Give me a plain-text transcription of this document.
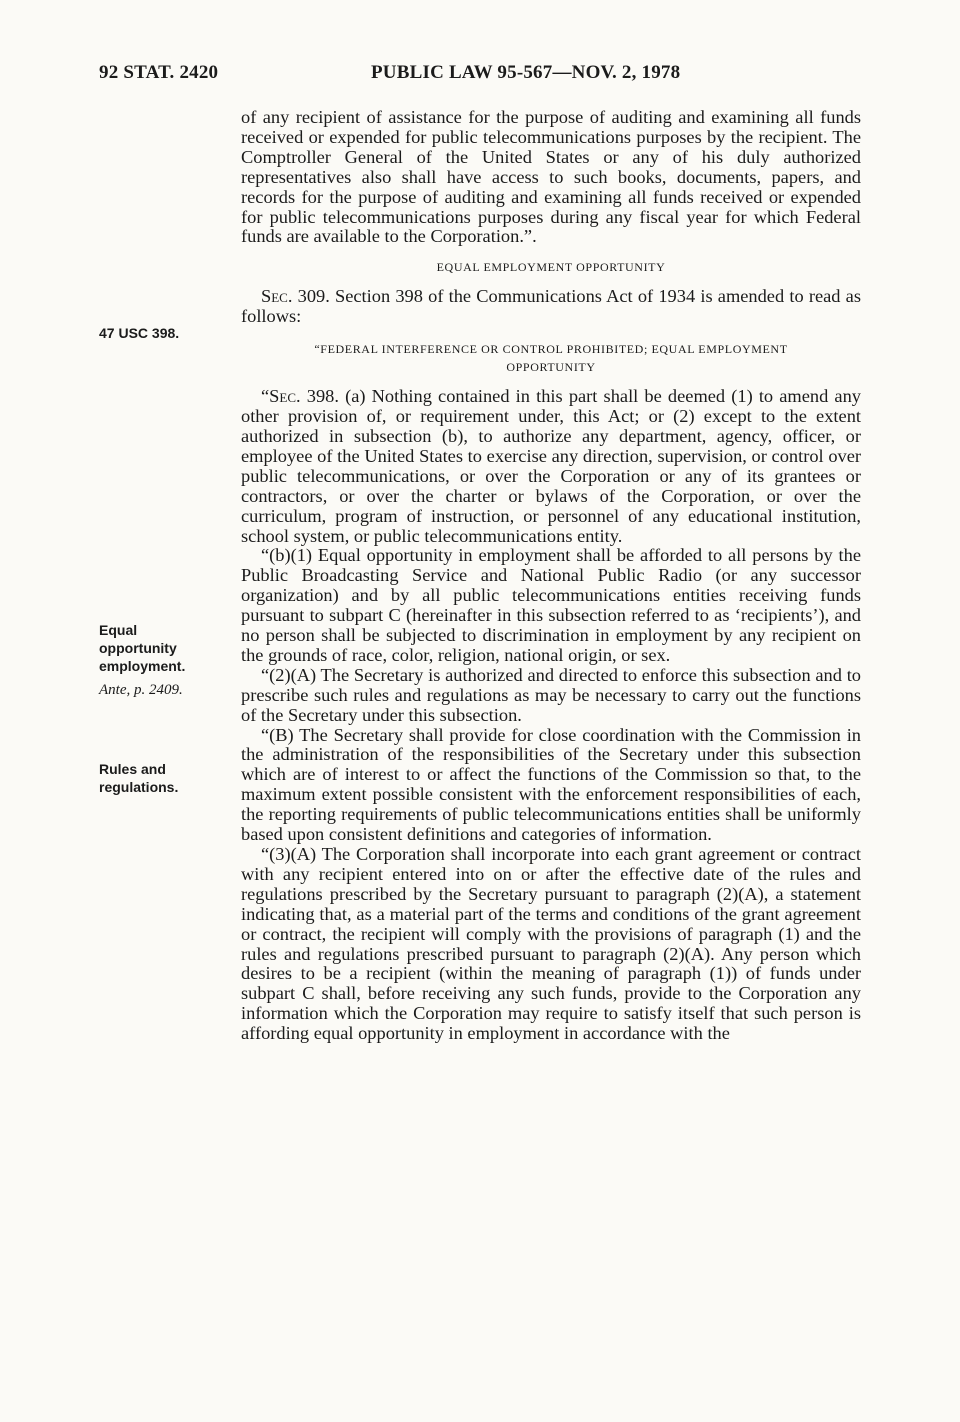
92 STAT. 2420	PUBLIC LAW 95-567—NOV. 2, 1978
47 USC 398.
Equal
opportunity
employment.
Ante, p. 2409.
Rules and
regulations.

of any recipient of assistance for the purpose of auditing and examining all funds received or expended for public telecommunications purposes by the recipient. The Comptroller General of the United States or any of his duly authorized representatives also shall have access to such books, documents, papers, and records for the purpose of auditing and examining all funds received or expended for public telecommunications purposes during any fiscal year for which Federal funds are available to the Corporation.”.

EQUAL EMPLOYMENT OPPORTUNITY

Sec. 309. Section 398 of the Communications Act of 1934 is amended to read as follows:

“FEDERAL INTERFERENCE OR CONTROL PROHIBITED; EQUAL EMPLOYMENT
OPPORTUNITY

“Sec. 398. (a) Nothing contained in this part shall be deemed (1) to amend any other provision of, or requirement under, this Act; or (2) except to the extent authorized in subsection (b), to authorize any department, agency, officer, or employee of the United States to exercise any direction, supervision, or control over public telecommunications, or over the Corporation or any of its grantees or contractors, or over the charter or bylaws of the Corporation, or over the curriculum, program of instruction, or personnel of any educational institution, school system, or public telecommunications entity.

“(b)(1) Equal opportunity in employment shall be afforded to all persons by the Public Broadcasting Service and National Public Radio (or any successor organization) and by all public telecommunications entities receiving funds pursuant to subpart C (hereinafter in this subsection referred to as ‘recipients’), and no person shall be subjected to discrimination in employment by any recipient on the grounds of race, color, religion, national origin, or sex.

“(2)(A) The Secretary is authorized and directed to enforce this subsection and to prescribe such rules and regulations as may be necessary to carry out the functions of the Secretary under this subsection.

“(B) The Secretary shall provide for close coordination with the Commission in the administration of the responsibilities of the Secretary under this subsection which are of interest to or affect the functions of the Commission so that, to the maximum extent possible consistent with the enforcement responsibilities of each, the reporting requirements of public telecommunications entities shall be uniformly based upon consistent definitions and categories of information.

“(3)(A) The Corporation shall incorporate into each grant agreement or contract with any recipient entered into on or after the effective date of the rules and regulations prescribed by the Secretary pursuant to paragraph (2)(A), a statement indicating that, as a material part of the terms and conditions of the grant agreement or contract, the recipient will comply with the provisions of paragraph (1) and the rules and regulations prescribed pursuant to paragraph (2)(A). Any person which desires to be a recipient (within the meaning of paragraph (1)) of funds under subpart C shall, before receiving any such funds, provide to the Corporation any information which the Corporation may require to satisfy itself that such person is affording equal opportunity in employment in accordance with the
